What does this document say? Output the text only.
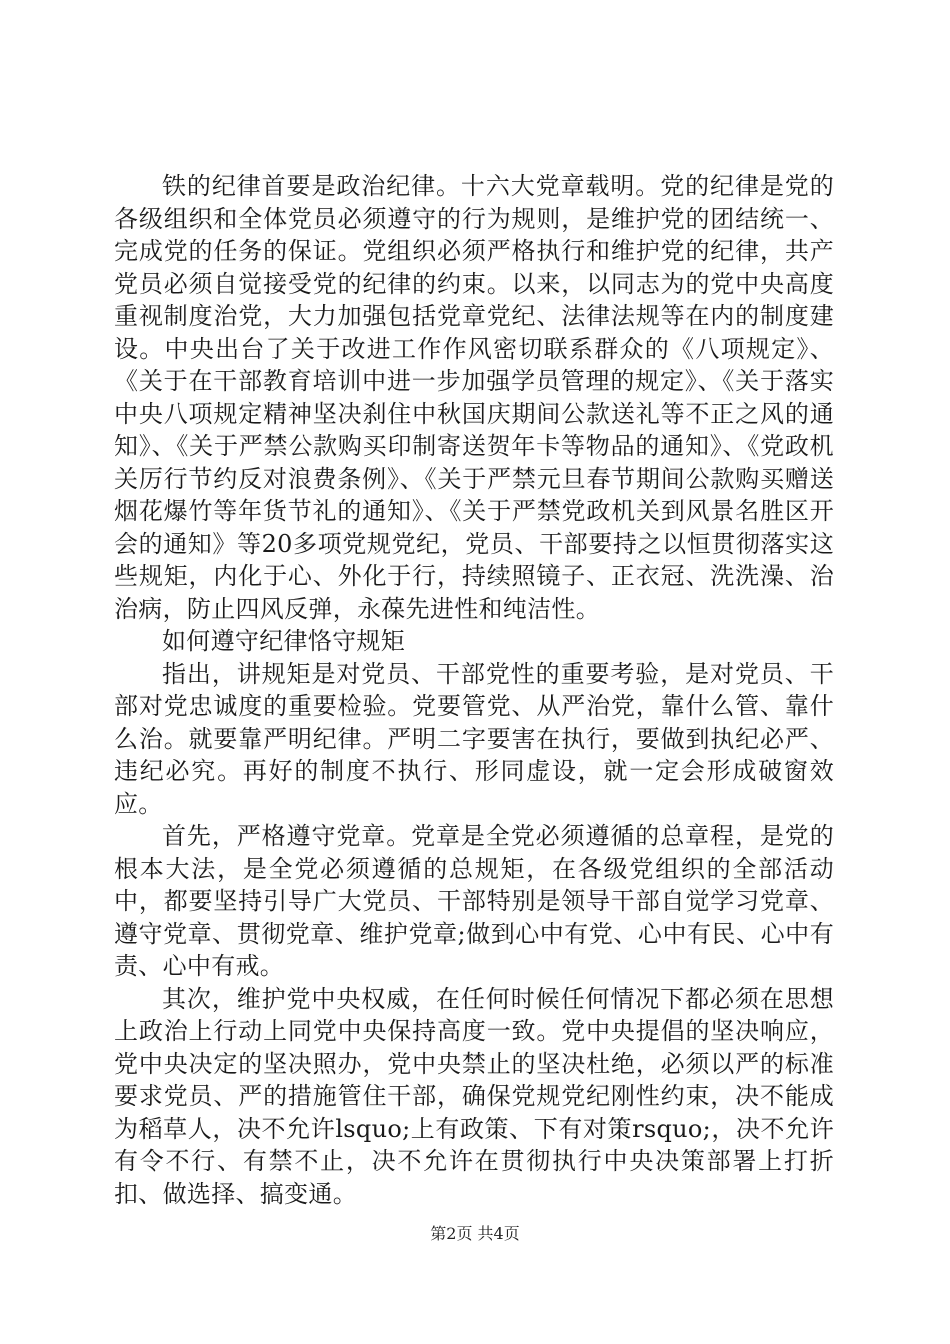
铁的纪律首要是政治纪律。十六大党章载明。党的纪律是党的各级组织和全体党员必须遵守的行为规则，是维护党的团结统一、完成党的任务的保证。党组织必须严格执行和维护党的纪律，共产党员必须自觉接受党的纪律的约束。以来，以同志为的党中央高度重视制度治党，大力加强包括党章党纪、法律法规等在内的制度建设。中央出台了关于改进工作作风密切联系群众的《八项规定》、《关于在干部教育培训中进一步加强学员管理的规定》、《关于落实中央八项规定精神坚决刹住中秋国庆期间公款送礼等不正之风的通知》、《关于严禁公款购买印制寄送贺年卡等物品的通知》、《党政机关厉行节约反对浪费条例》、《关于严禁元旦春节期间公款购买赠送烟花爆竹等年货节礼的通知》、《关于严禁党政机关到风景名胜区开会的通知》等20多项党规党纪，党员、干部要持之以恒贯彻落实这些规矩，内化于心、外化于行，持续照镜子、正衣冠、洗洗澡、治治病，防止四风反弹，永葆先进性和纯洁性。

如何遵守纪律恪守规矩

指出，讲规矩是对党员、干部党性的重要考验，是对党员、干部对党忠诚度的重要检验。党要管党、从严治党，靠什么管、靠什么治。就要靠严明纪律。严明二字要害在执行，要做到执纪必严、违纪必究。再好的制度不执行、形同虚设，就一定会形成破窗效应。

首先，严格遵守党章。党章是全党必须遵循的总章程，是党的根本大法，是全党必须遵循的总规矩，在各级党组织的全部活动中，都要坚持引导广大党员、干部特别是领导干部自觉学习党章、遵守党章、贯彻党章、维护党章;做到心中有党、心中有民、心中有责、心中有戒。

其次，维护党中央权威，在任何时候任何情况下都必须在思想上政治上行动上同党中央保持高度一致。党中央提倡的坚决响应，党中央决定的坚决照办，党中央禁止的坚决杜绝，必须以严的标准要求党员、严的措施管住干部，确保党规党纪刚性约束，决不能成为稻草人，决不允许lsquo;上有政策、下有对策rsquo;，决不允许有令不行、有禁不止，决不允许在贯彻执行中央决策部署上打折扣、做选择、搞变通。

第2页 共4页
